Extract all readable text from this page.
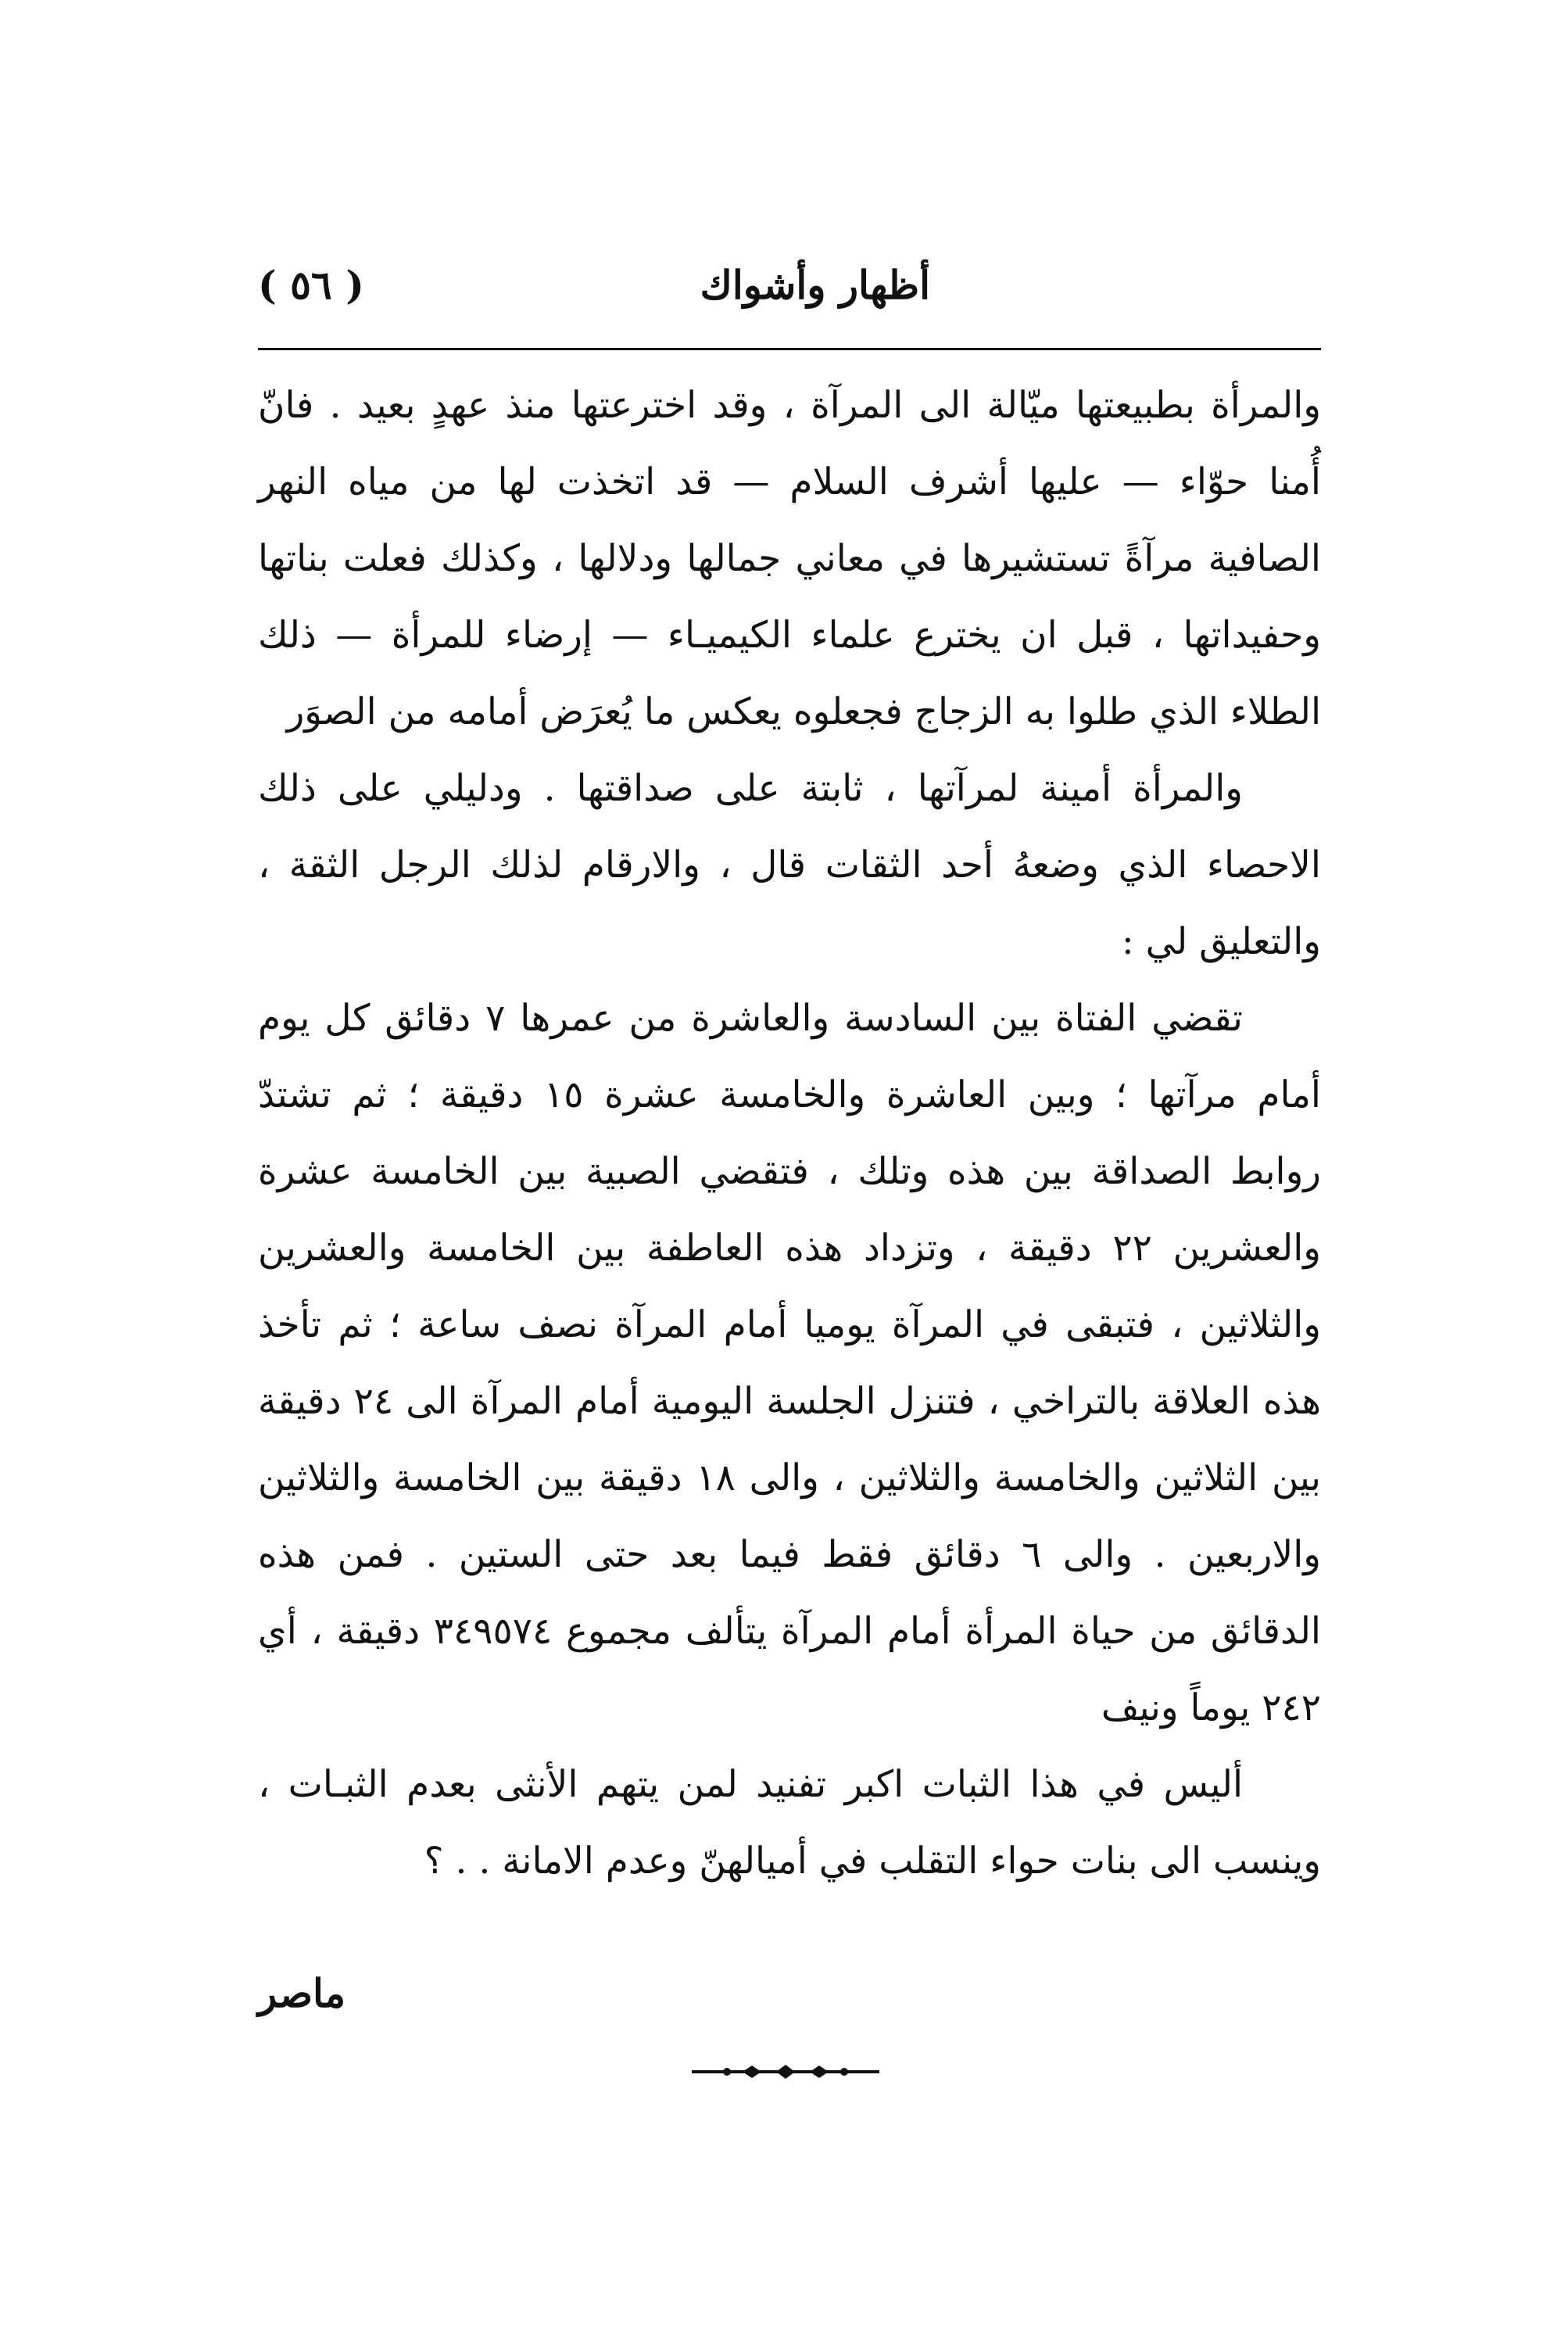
أظهار وأشواك
( ٥٦ )

والمرأة بطبيعتها ميّالة الى المرآة ، وقد اخترعتها منذ عهدٍ بعيد . فانّ أُمنا حوّاء — عليها أشرف السلام — قد اتخذت لها من مياه النهر الصافية مرآةً تستشيرها في معاني جمالها ودلالها ، وكذلك فعلت بناتها وحفيداتها ، قبل ان يخترع علماء الكيميـاء — إرضاء للمرأة — ذلك الطلاء الذي طلوا به الزجاج فجعلوه يعكس ما يُعرَض أمامه من الصوَر

والمرأة أمينة لمرآتها ، ثابتة على صداقتها . ودليلي على ذلك الاحصاء الذي وضعهُ أحد الثقات قال ، والارقام لذلك الرجل الثقة ، والتعليق لي :

تقضي الفتاة بين السادسة والعاشرة من عمرها ٧ دقائق كل يوم أمام مرآتها ؛ وبين العاشرة والخامسة عشرة ١٥ دقيقة ؛ ثم تشتدّ روابط الصداقة بين هذه وتلك ، فتقضي الصبية بين الخامسة عشرة والعشرين ٢٢ دقيقة ، وتزداد هذه العاطفة بين الخامسة والعشرين والثلاثين ، فتبقى في المرآة يوميا أمام المرآة نصف ساعة ؛ ثم تأخذ هذه العلاقة بالتراخي ، فتنزل الجلسة اليومية أمام المرآة الى ٢٤ دقيقة بين الثلاثين والخامسة والثلاثين ، والى ١٨ دقيقة بين الخامسة والثلاثين والاربعين . والى ٦ دقائق فقط فيما بعد حتى الستين . فمن هذه الدقائق من حياة المرأة أمام المرآة يتألف مجموع ٣٤٩٥٧٤ دقيقة ، أي ٢٤٢ يوماً ونيف

أليس في هذا الثبات اكبر تفنيد لمن يتهم الأنثى بعدم الثبـات ، وينسب الى بنات حواء التقلب في أميالهنّ وعدم الامانة . . ؟

ماصر
